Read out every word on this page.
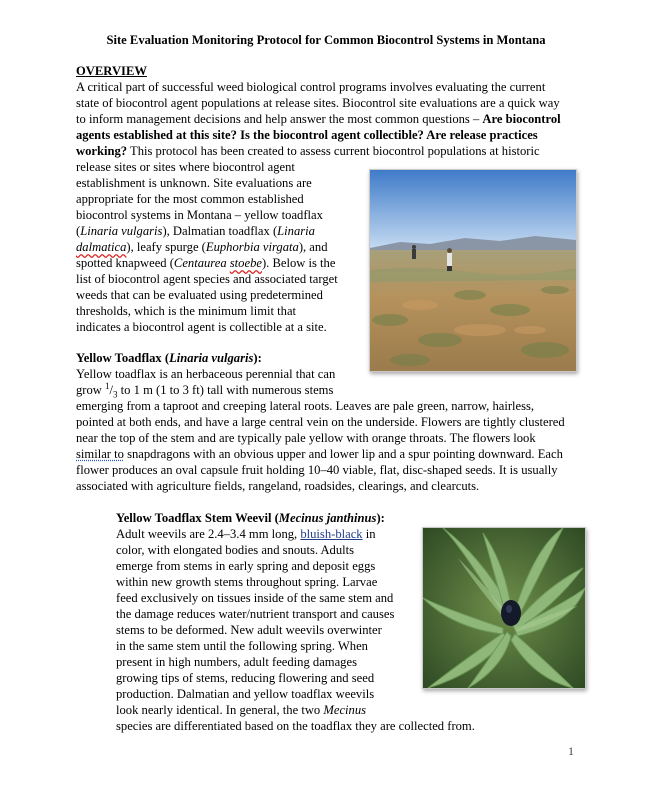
Site Evaluation Monitoring Protocol for Common Biocontrol Systems in Montana
OVERVIEW
A critical part of successful weed biological control programs involves evaluating the current
state of biocontrol agent populations at release sites. Biocontrol site evaluations are a quick way
to inform management decisions and help answer the most common questions – Are biocontrol
agents established at this site? Is the biocontrol agent collectible? Are release practices
working? This protocol has been created to assess current biocontrol populations at historic
release sites or sites where biocontrol agent
establishment is unknown. Site evaluations are
appropriate for the most common established
biocontrol systems in Montana – yellow toadflax
(Linaria vulgaris), Dalmatian toadflax (Linaria
dalmatica), leafy spurge (Euphorbia virgata), and
spotted knapweed (Centaurea stoebe). Below is the
list of biocontrol agent species and associated target
weeds that can be evaluated using predetermined
thresholds, which is the minimum limit that
indicates a biocontrol agent is collectible at a site.
Yellow Toadflax (Linaria vulgaris):
Yellow toadflax is an herbaceous perennial that can
grow $^1/_3$ to 1 m (1 to 3 ft) tall with numerous stems
emerging from a taproot and creeping lateral roots. Leaves are pale green, narrow, hairless,
pointed at both ends, and have a large central vein on the underside. Flowers are tightly clustered
near the top of the stem and are typically pale yellow with orange throats. The flowers look
similar to snapdragons with an obvious upper and lower lip and a spur pointing downward. Each
flower produces an oval capsule fruit holding 10–40 viable, flat, disc-shaped seeds. It is usually
associated with agriculture fields, rangeland, roadsides, clearings, and clearcuts.
Yellow Toadflax Stem Weevil (Mecinus janthinus):
Adult weevils are 2.4–3.4 mm long, bluish-black in
color, with elongated bodies and snouts. Adults
emerge from stems in early spring and deposit eggs
within new growth stems throughout spring. Larvae
feed exclusively on tissues inside of the same stem and
the damage reduces water/nutrient transport and causes
stems to be deformed. New adult weevils overwinter
in the same stem until the following spring. When
present in high numbers, adult feeding damages
growing tips of stems, reducing flowering and seed
production. Dalmatian and yellow toadflax weevils
look nearly identical. In general, the two Mecinus
species are differentiated based on the toadflax they are collected from.
1
